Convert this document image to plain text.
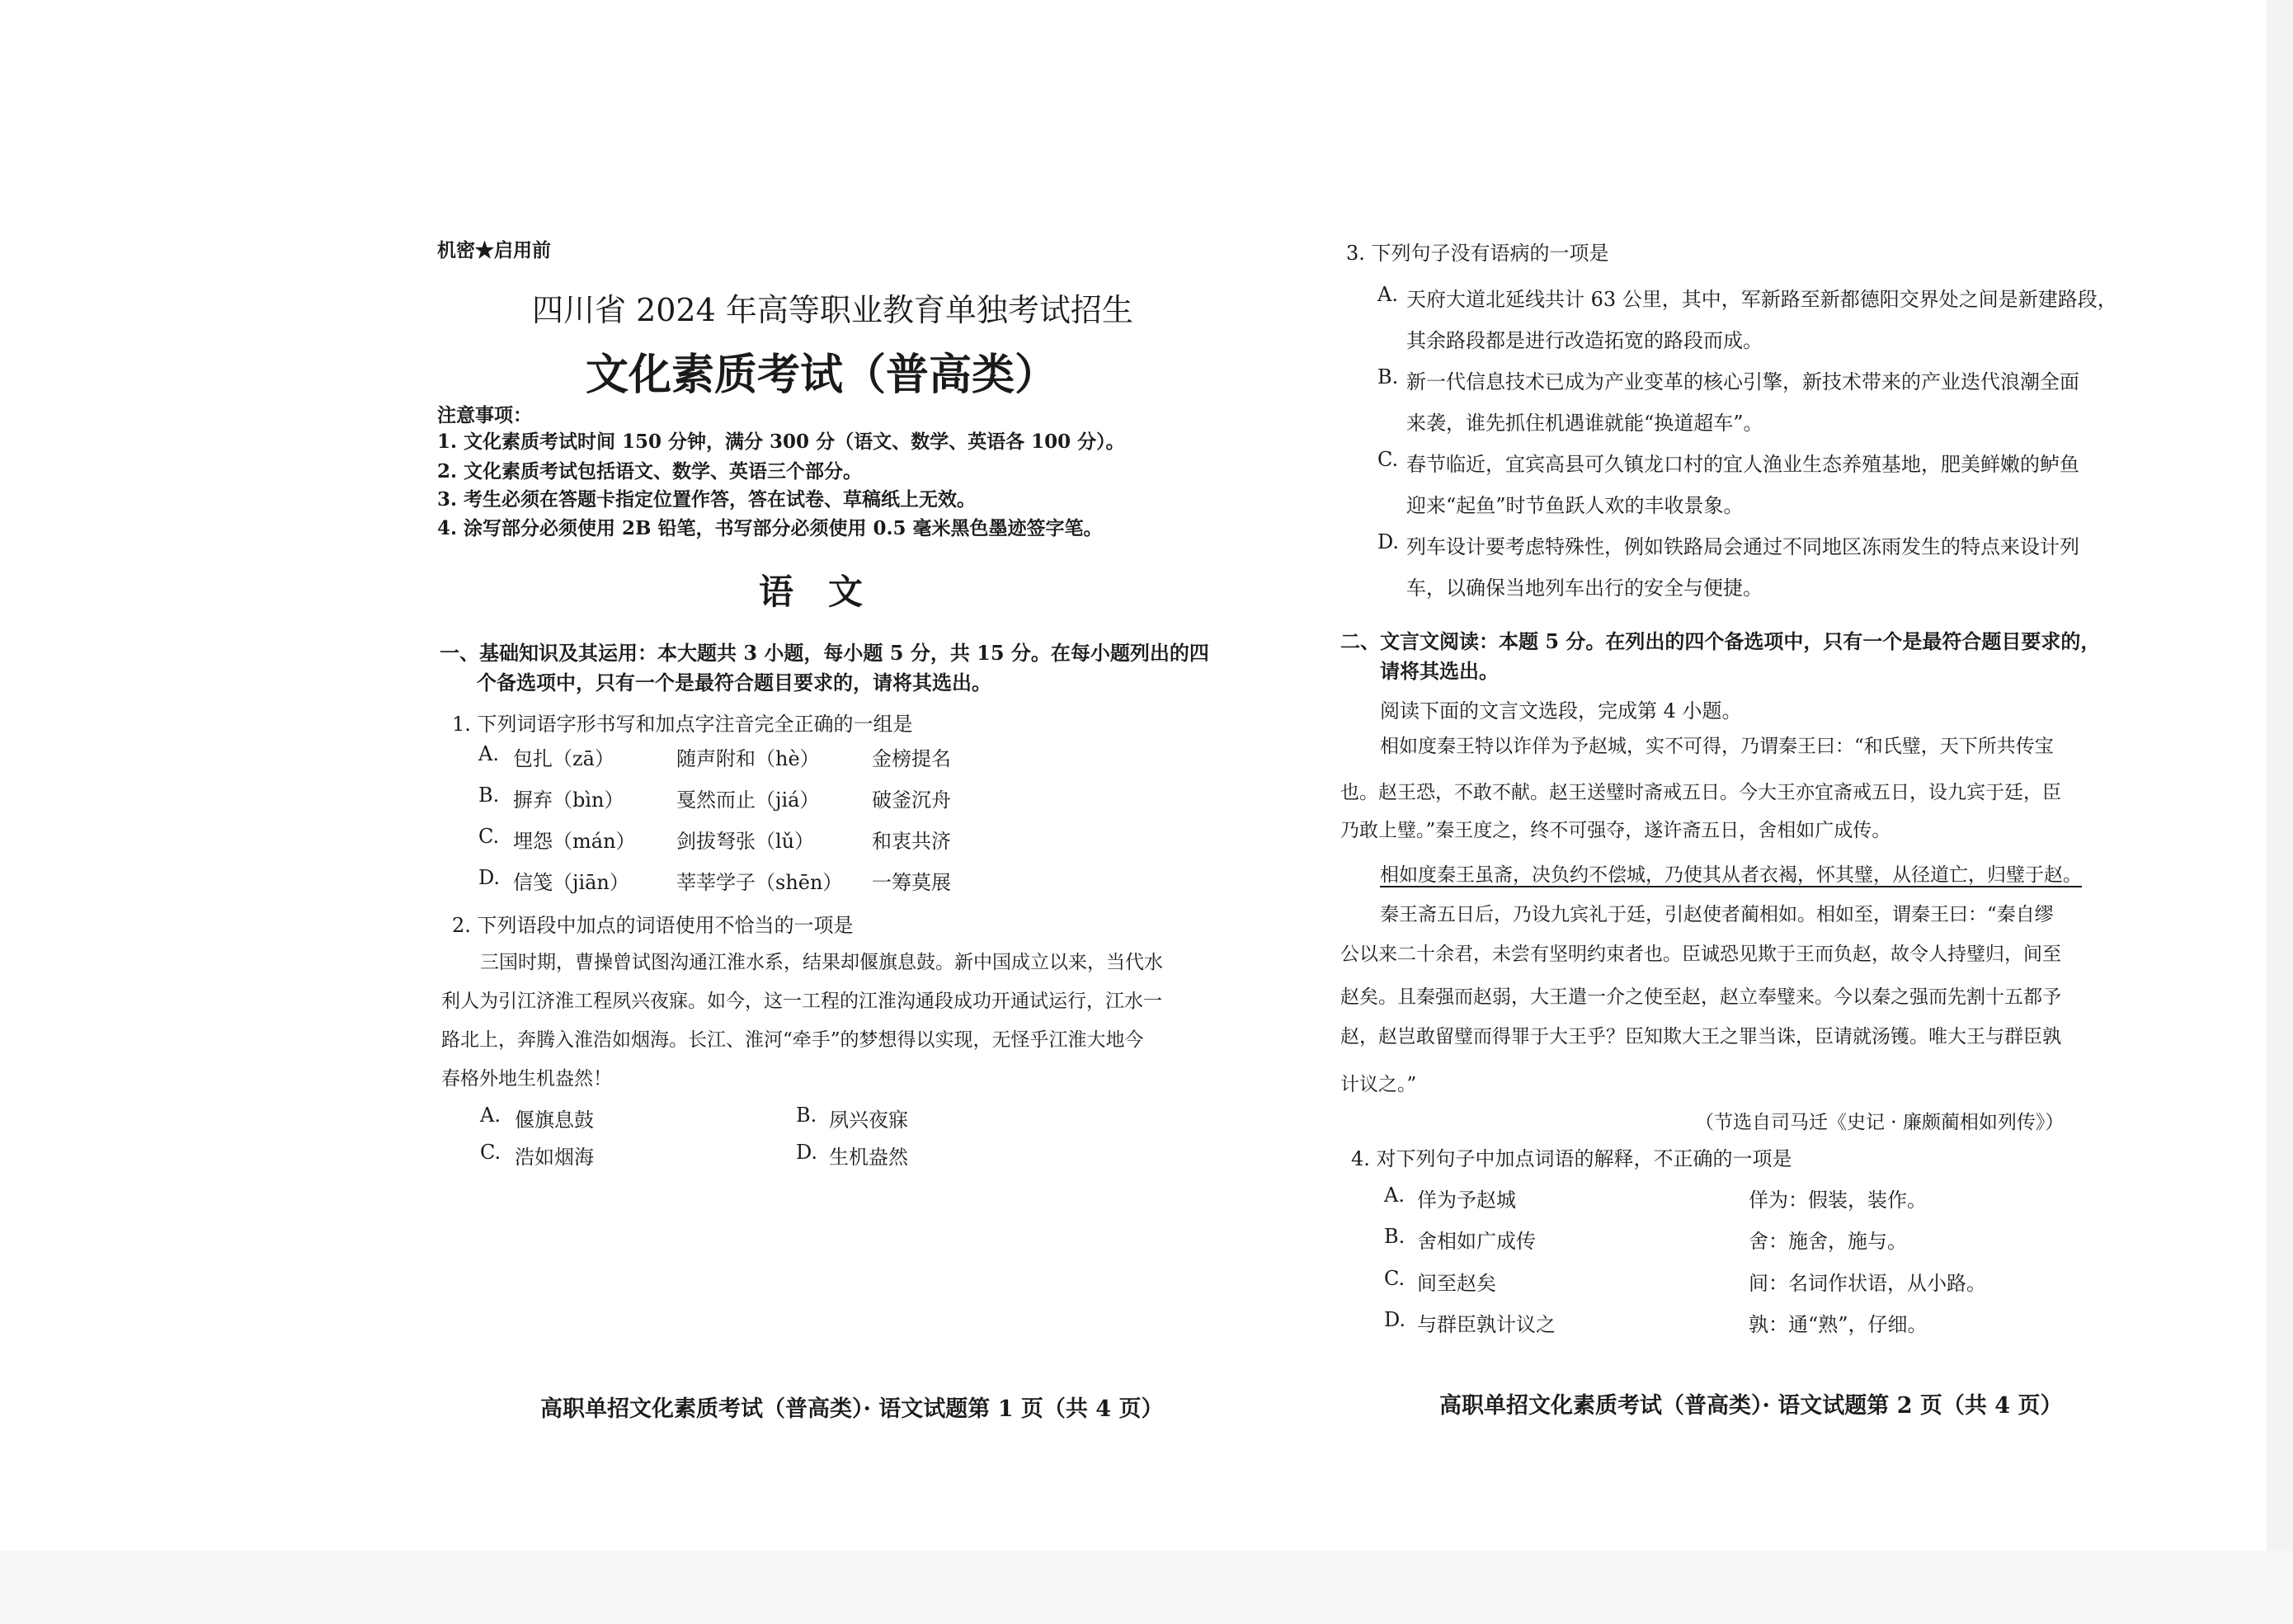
机密★启用前
四川省 2024 年高等职业教育单独考试招生
文化素质考试（普高类）
注意事项：
1. 文化素质考试时间 150 分钟，满分 300 分（语文、数学、英语各 100 分）。
2. 文化素质考试包括语文、数学、英语三个部分。
3. 考生必须在答题卡指定位置作答，答在试卷、草稿纸上无效。
4. 涂写部分必须使用 2B 铅笔，书写部分必须使用 0.5 毫米黑色墨迹签字笔。
语　文
一、基础知识及其运用：本大题共 3 小题，每小题 5 分，共 15 分。在每小题列出的四
个备选项中，只有一个是最符合题目要求的，请将其选出。
1. 下列词语字形书写和加点字注音完全正确的一组是
A. 包扎（zā）	随声附和（hè）	金榜提名
B. 摒弃（bìn）	戛然而止（jiá）	破釜沉舟
C. 埋怨（mán） 剑拔弩张（lǔ）	和衷共济
D. 信笺（jiān） 莘莘学子（shēn） 一筹莫展
2. 下列语段中加点的词语使用不恰当的一项是
三国时期，曹操曾试图沟通江淮水系，结果却偃旗息鼓。新中国成立以来，当代水
利人为引江济淮工程夙兴夜寐。如今，这一工程的江淮沟通段成功开通试运行，江水一
路北上，奔腾入淮浩如烟海。长江、淮河“牵手”的梦想得以实现，无怪乎江淮大地今
春格外地生机盎然！
A. 偃旗息鼓	B. 夙兴夜寐
C. 浩如烟海	D. 生机盎然
高职单招文化素质考试（普高类）· 语文试题第 1 页（共 4 页）
3. 下列句子没有语病的一项是
A. 天府大道北延线共计 63 公里，其中，军新路至新都德阳交界处之间是新建路段，
其余路段都是进行改造拓宽的路段而成。
B. 新一代信息技术已成为产业变革的核心引擎，新技术带来的产业迭代浪潮全面
来袭，谁先抓住机遇谁就能“换道超车”。
C. 春节临近，宜宾高县可久镇龙口村的宜人渔业生态养殖基地，肥美鲜嫩的鲈鱼
迎来“起鱼”时节鱼跃人欢的丰收景象。
D. 列车设计要考虑特殊性，例如铁路局会通过不同地区冻雨发生的特点来设计列
车，以确保当地列车出行的安全与便捷。
二、文言文阅读：本题 5 分。在列出的四个备选项中，只有一个是最符合题目要求的，
请将其选出。
阅读下面的文言文选段，完成第 4 小题。
相如度秦王特以诈佯为予赵城，实不可得，乃谓秦王曰：“和氏璧，天下所共传宝
也。赵王恐，不敢不献。赵王送璧时斋戒五日。今大王亦宜斋戒五日，设九宾于廷，臣
乃敢上璧。”秦王度之，终不可强夺，遂许斋五日，舍相如广成传。
相如度秦王虽斋，决负约不偿城，乃使其从者衣褐，怀其璧，从径道亡，归璧于赵。
秦王斋五日后，乃设九宾礼于廷，引赵使者蔺相如。相如至，谓秦王曰：“秦自缪
公以来二十余君，未尝有坚明约束者也。臣诚恐见欺于王而负赵，故令人持璧归，间至
赵矣。且秦强而赵弱，大王遣一介之使至赵，赵立奉璧来。今以秦之强而先割十五都予
赵，赵岂敢留璧而得罪于大王乎？臣知欺大王之罪当诛，臣请就汤镬。唯大王与群臣孰
计议之。”
（节选自司马迁《史记 · 廉颇蔺相如列传》）
4. 对下列句子中加点词语的解释，不正确的一项是
A. 佯为予赵城	佯为：假装，装作。
B. 舍相如广成传	舍：施舍，施与。
C. 间至赵矣	间：名词作状语，从小路。
D. 与群臣孰计议之	孰：通“熟”，仔细。
高职单招文化素质考试（普高类）· 语文试题第 2 页（共 4 页）
